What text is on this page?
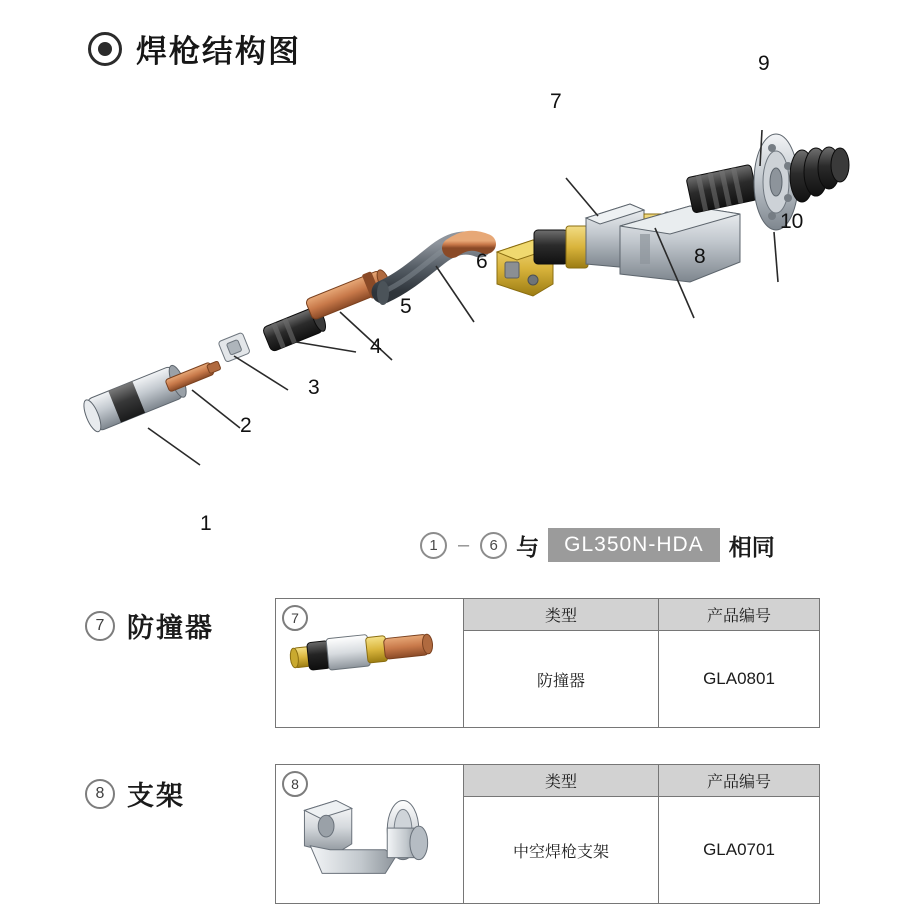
焊枪结构图
1
2
3
4
5
6
7
8
9
10
1	–	6 与	GL350N-HDA	相同
7 防撞器	7	类型	产品编号
防撞器	GLA0801
8 支架	8	类型	产品编号
中空焊枪支架	GLA0701
